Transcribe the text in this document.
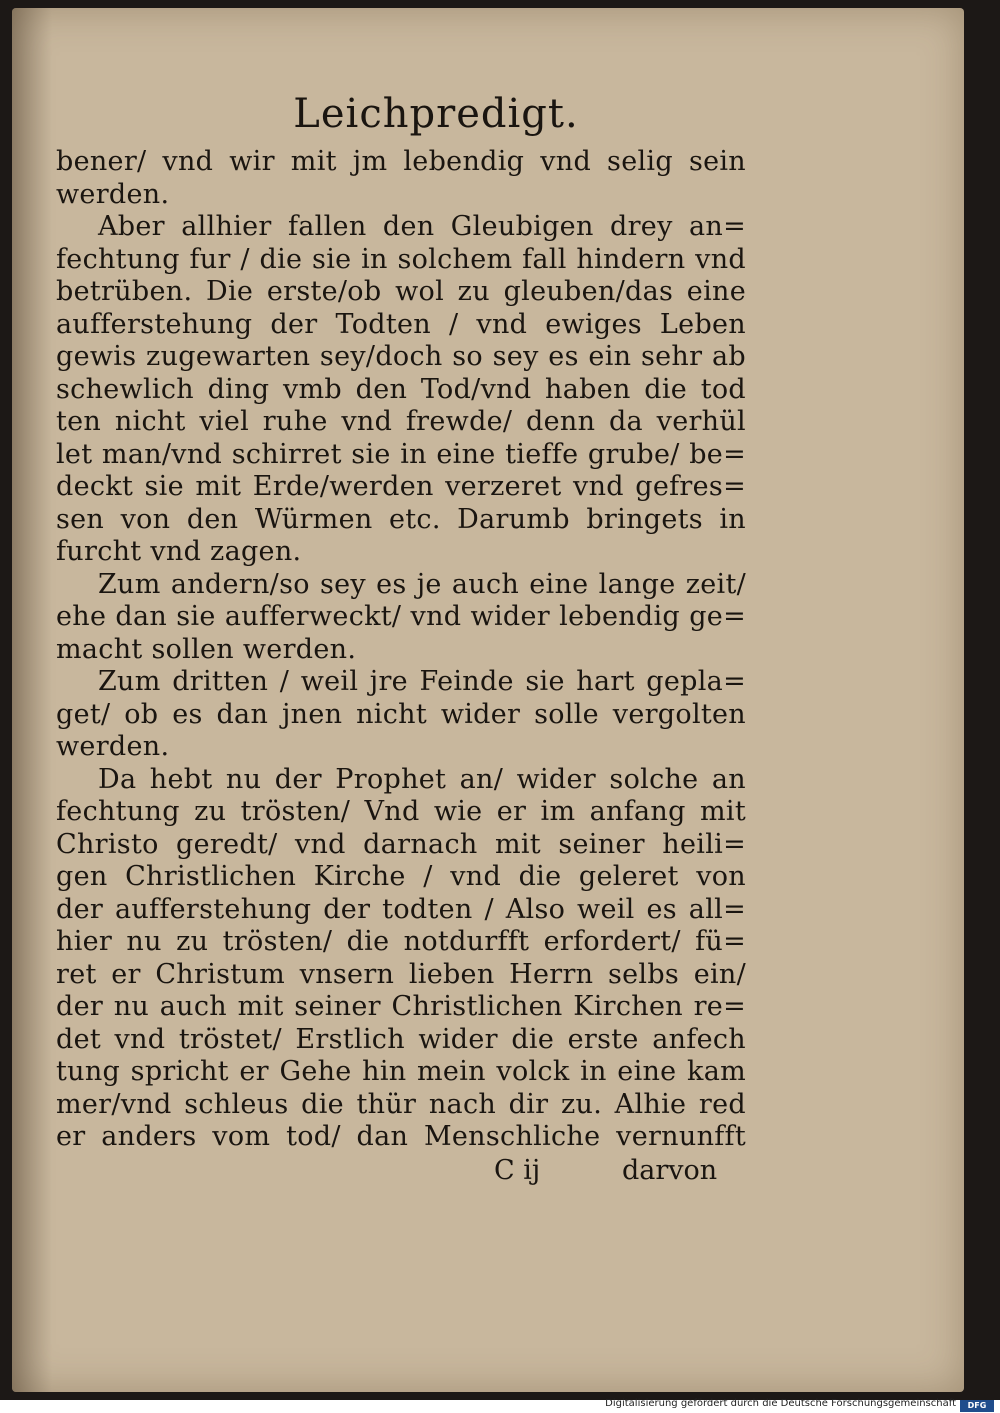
Leichpredigt.
bener/ vnd wir mit jm lebendig vnd selig sein
werden.
Aber allhier fallen den Gleubigen drey an=
fechtung fur / die sie in solchem fall hindern vnd
betrüben. Die erste/ob wol zu gleuben/das eine
aufferstehung der Todten / vnd ewiges Leben
gewis zugewarten sey/doch so sey es ein sehr ab
schewlich ding vmb den Tod/vnd haben die tod
ten nicht viel ruhe vnd frewde/ denn da verhül
let man/vnd schirret sie in eine tieffe grube/ be=
deckt sie mit Erde/werden verzeret vnd gefres=
sen von den Würmen etc. Darumb bringets in
furcht vnd zagen.
Zum andern/so sey es je auch eine lange zeit/
ehe dan sie aufferweckt/ vnd wider lebendig ge=
macht sollen werden.
Zum dritten / weil jre Feinde sie hart gepla=
get/ ob es dan jnen nicht wider solle vergolten
werden.
Da hebt nu der Prophet an/ wider solche an
fechtung zu trösten/ Vnd wie er im anfang mit
Christo geredt/ vnd darnach mit seiner heili=
gen Christlichen Kirche / vnd die geleret von
der aufferstehung der todten / Also weil es all=
hier nu zu trösten/ die notdurfft erfordert/ fü=
ret er Christum vnsern lieben Herrn selbs ein/
der nu auch mit seiner Christlichen Kirchen re=
det vnd tröstet/ Erstlich wider die erste anfech
tung spricht er Gehe hin mein volck in eine kam
mer/vnd schleus die thür nach dir zu. Alhie red
er anders vom tod/ dan Menschliche vernunfft
C ij	darvon
Digitalisierung gefördert durch die Deutsche Forschungsgemeinschaft	DFG
